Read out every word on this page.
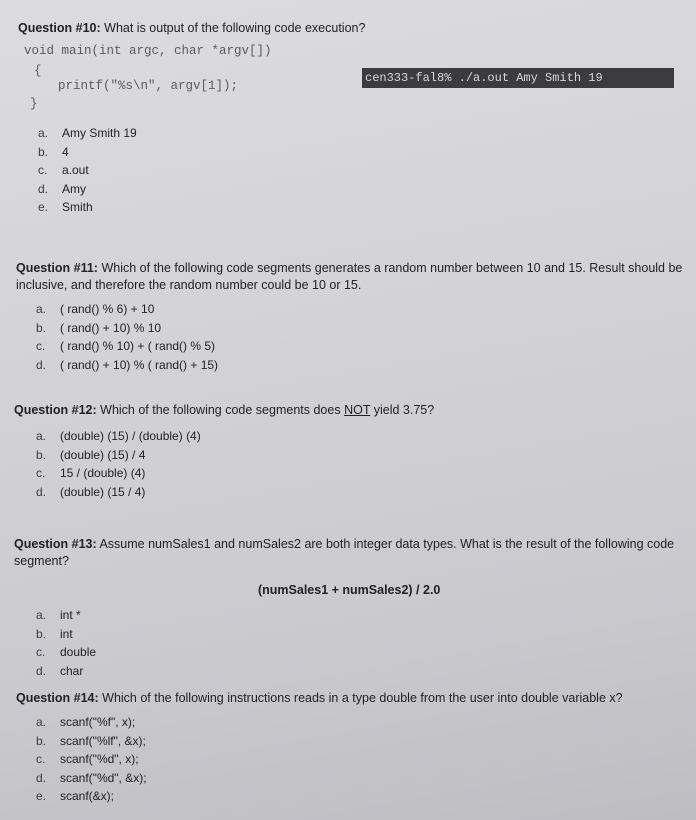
Question #10: What is output of the following code execution?
void main(int argc, char *argv[])
{
printf("%s\n", argv[1]);
}
cen333-fal8% ./a.out Amy Smith 19
a. Amy Smith 19
b. 4
c. a.out
d. Amy
e. Smith
Question #11: Which of the following code segments generates a random number between 10 and 15. Result should be inclusive, and therefore the random number could be 10 or 15.
a. ( rand() % 6) + 10
b. ( rand() + 10) % 10
c. ( rand() % 10) + ( rand() % 5)
d. ( rand() + 10) % ( rand() + 15)
Question #12: Which of the following code segments does NOT yield 3.75?
a. (double) (15) / (double) (4)
b. (double) (15) / 4
c. 15 / (double) (4)
d. (double) (15 / 4)
Question #13: Assume numSales1 and numSales2 are both integer data types. What is the result of the following code segment?
(numSales1 + numSales2) / 2.0
a. int *
b. int
c. double
d. char
Question #14: Which of the following instructions reads in a type double from the user into double variable x?
a. scanf("%f", x);
b. scanf("%lf", &x);
c. scanf("%d", x);
d. scanf("%d", &x);
e. scanf(&x);
